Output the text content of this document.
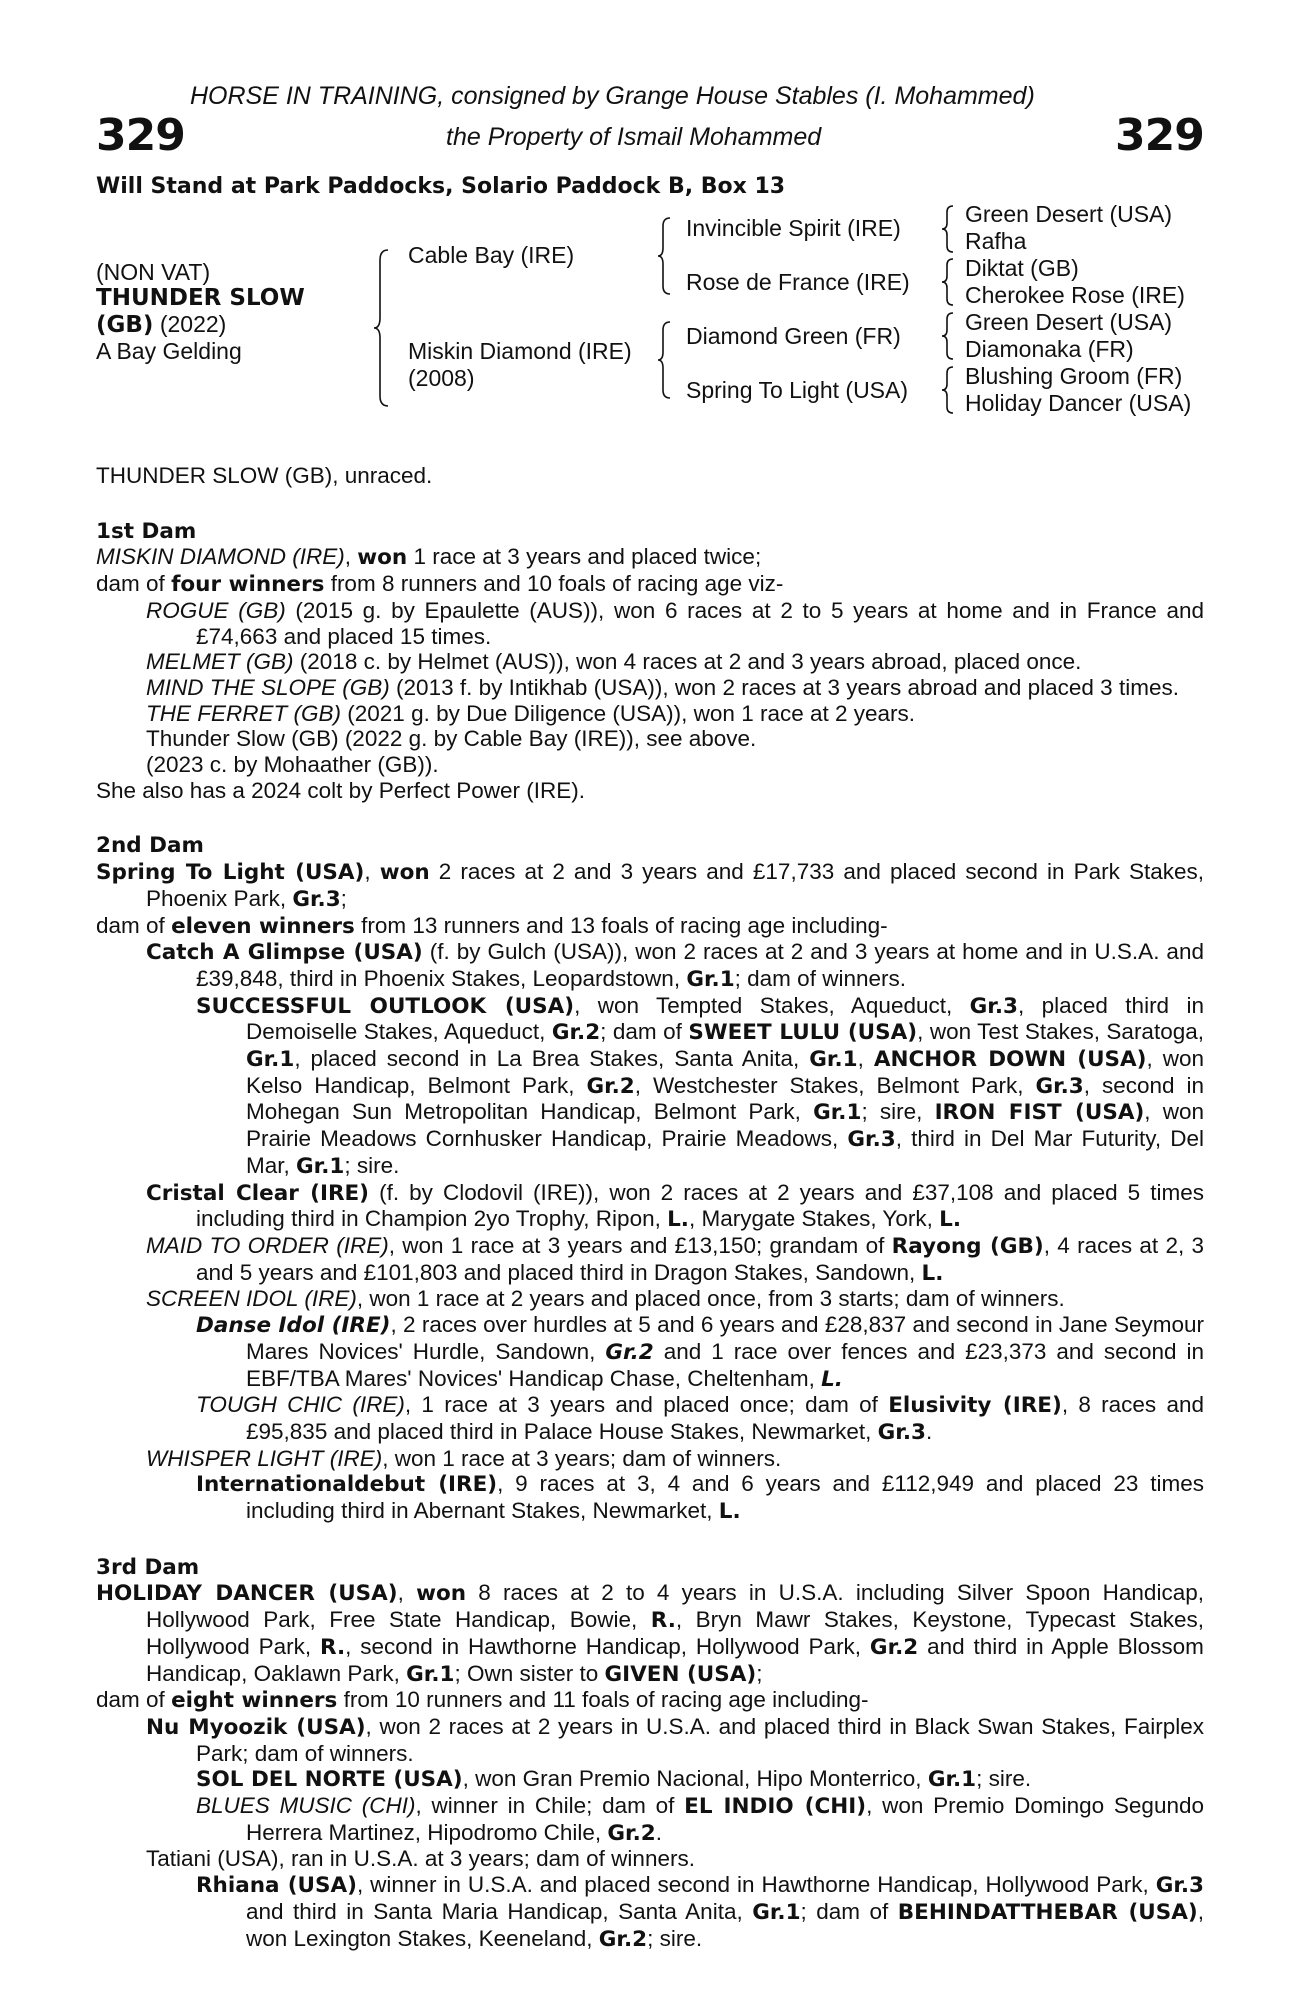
HORSE IN TRAINING, consigned by Grange House Stables (I. Mohammed)
329	the Property of Ismail Mohammed	329
Will Stand at Park Paddocks, Solario Paddock B, Box 13
(NON VAT)
THUNDER SLOW
(GB) (2022)
A Bay Gelding
Cable Bay (IRE)
Miskin Diamond (IRE)
(2008)
Invincible Spirit (IRE)
Rose de France (IRE)
Diamond Green (FR)
Spring To Light (USA)
Green Desert (USA)
Rafha
Diktat (GB)
Cherokee Rose (IRE)
Green Desert (USA)
Diamonaka (FR)
Blushing Groom (FR)
Holiday Dancer (USA)

THUNDER SLOW (GB), unraced.

1st Dam

MISKIN DIAMOND (IRE), won 1 race at 3 years and placed twice;

dam of four winners from 8 runners and 10 foals of racing age viz-

ROGUE (GB) (2015 g. by Epaulette (AUS)), won 6 races at 2 to 5 years at home and in France and £74,663 and placed 15 times.

MELMET (GB) (2018 c. by Helmet (AUS)), won 4 races at 2 and 3 years abroad, placed once.

MIND THE SLOPE (GB) (2013 f. by Intikhab (USA)), won 2 races at 3 years abroad and placed 3 times.

THE FERRET (GB) (2021 g. by Due Diligence (USA)), won 1 race at 2 years.

Thunder Slow (GB) (2022 g. by Cable Bay (IRE)), see above.

(2023 c. by Mohaather (GB)).

She also has a 2024 colt by Perfect Power (IRE).

2nd Dam

Spring To Light (USA), won 2 races at 2 and 3 years and £17,733 and placed second in Park Stakes, Phoenix Park, Gr.3;

dam of eleven winners from 13 runners and 13 foals of racing age including-

Catch A Glimpse (USA) (f. by Gulch (USA)), won 2 races at 2 and 3 years at home and in U.S.A. and £39,848, third in Phoenix Stakes, Leopardstown, Gr.1; dam of winners.

SUCCESSFUL OUTLOOK (USA), won Tempted Stakes, Aqueduct, Gr.3, placed third in Demoiselle Stakes, Aqueduct, Gr.2; dam of SWEET LULU (USA), won Test Stakes, Saratoga, Gr.1, placed second in La Brea Stakes, Santa Anita, Gr.1, ANCHOR DOWN (USA), won Kelso Handicap, Belmont Park, Gr.2, Westchester Stakes, Belmont Park, Gr.3, second in Mohegan Sun Metropolitan Handicap, Belmont Park, Gr.1; sire, IRON FIST (USA), won Prairie Meadows Cornhusker Handicap, Prairie Meadows, Gr.3, third in Del Mar Futurity, Del Mar, Gr.1; sire.

Cristal Clear (IRE) (f. by Clodovil (IRE)), won 2 races at 2 years and £37,108 and placed 5 times including third in Champion 2yo Trophy, Ripon, L., Marygate Stakes, York, L.

MAID TO ORDER (IRE), won 1 race at 3 years and £13,150; grandam of Rayong (GB), 4 races at 2, 3 and 5 years and £101,803 and placed third in Dragon Stakes, Sandown, L.

SCREEN IDOL (IRE), won 1 race at 2 years and placed once, from 3 starts; dam of winners.

Danse Idol (IRE), 2 races over hurdles at 5 and 6 years and £28,837 and second in Jane Seymour Mares Novices' Hurdle, Sandown, Gr.2 and 1 race over fences and £23,373 and second in EBF/TBA Mares' Novices' Handicap Chase, Cheltenham, L.

TOUGH CHIC (IRE), 1 race at 3 years and placed once; dam of Elusivity (IRE), 8 races and £95,835 and placed third in Palace House Stakes, Newmarket, Gr.3.

WHISPER LIGHT (IRE), won 1 race at 3 years; dam of winners.

Internationaldebut (IRE), 9 races at 3, 4 and 6 years and £112,949 and placed 23 times including third in Abernant Stakes, Newmarket, L.

3rd Dam

HOLIDAY DANCER (USA), won 8 races at 2 to 4 years in U.S.A. including Silver Spoon Handicap, Hollywood Park, Free State Handicap, Bowie, R., Bryn Mawr Stakes, Keystone, Typecast Stakes, Hollywood Park, R., second in Hawthorne Handicap, Hollywood Park, Gr.2 and third in Apple Blossom Handicap, Oaklawn Park, Gr.1; Own sister to GIVEN (USA);

dam of eight winners from 10 runners and 11 foals of racing age including-

Nu Myoozik (USA), won 2 races at 2 years in U.S.A. and placed third in Black Swan Stakes, Fairplex Park; dam of winners.

SOL DEL NORTE (USA), won Gran Premio Nacional, Hipo Monterrico, Gr.1; sire.

BLUES MUSIC (CHI), winner in Chile; dam of EL INDIO (CHI), won Premio Domingo Segundo Herrera Martinez, Hipodromo Chile, Gr.2.

Tatiani (USA), ran in U.S.A. at 3 years; dam of winners.

Rhiana (USA), winner in U.S.A. and placed second in Hawthorne Handicap, Hollywood Park, Gr.3 and third in Santa Maria Handicap, Santa Anita, Gr.1; dam of BEHINDATTHEBAR (USA), won Lexington Stakes, Keeneland, Gr.2; sire.
